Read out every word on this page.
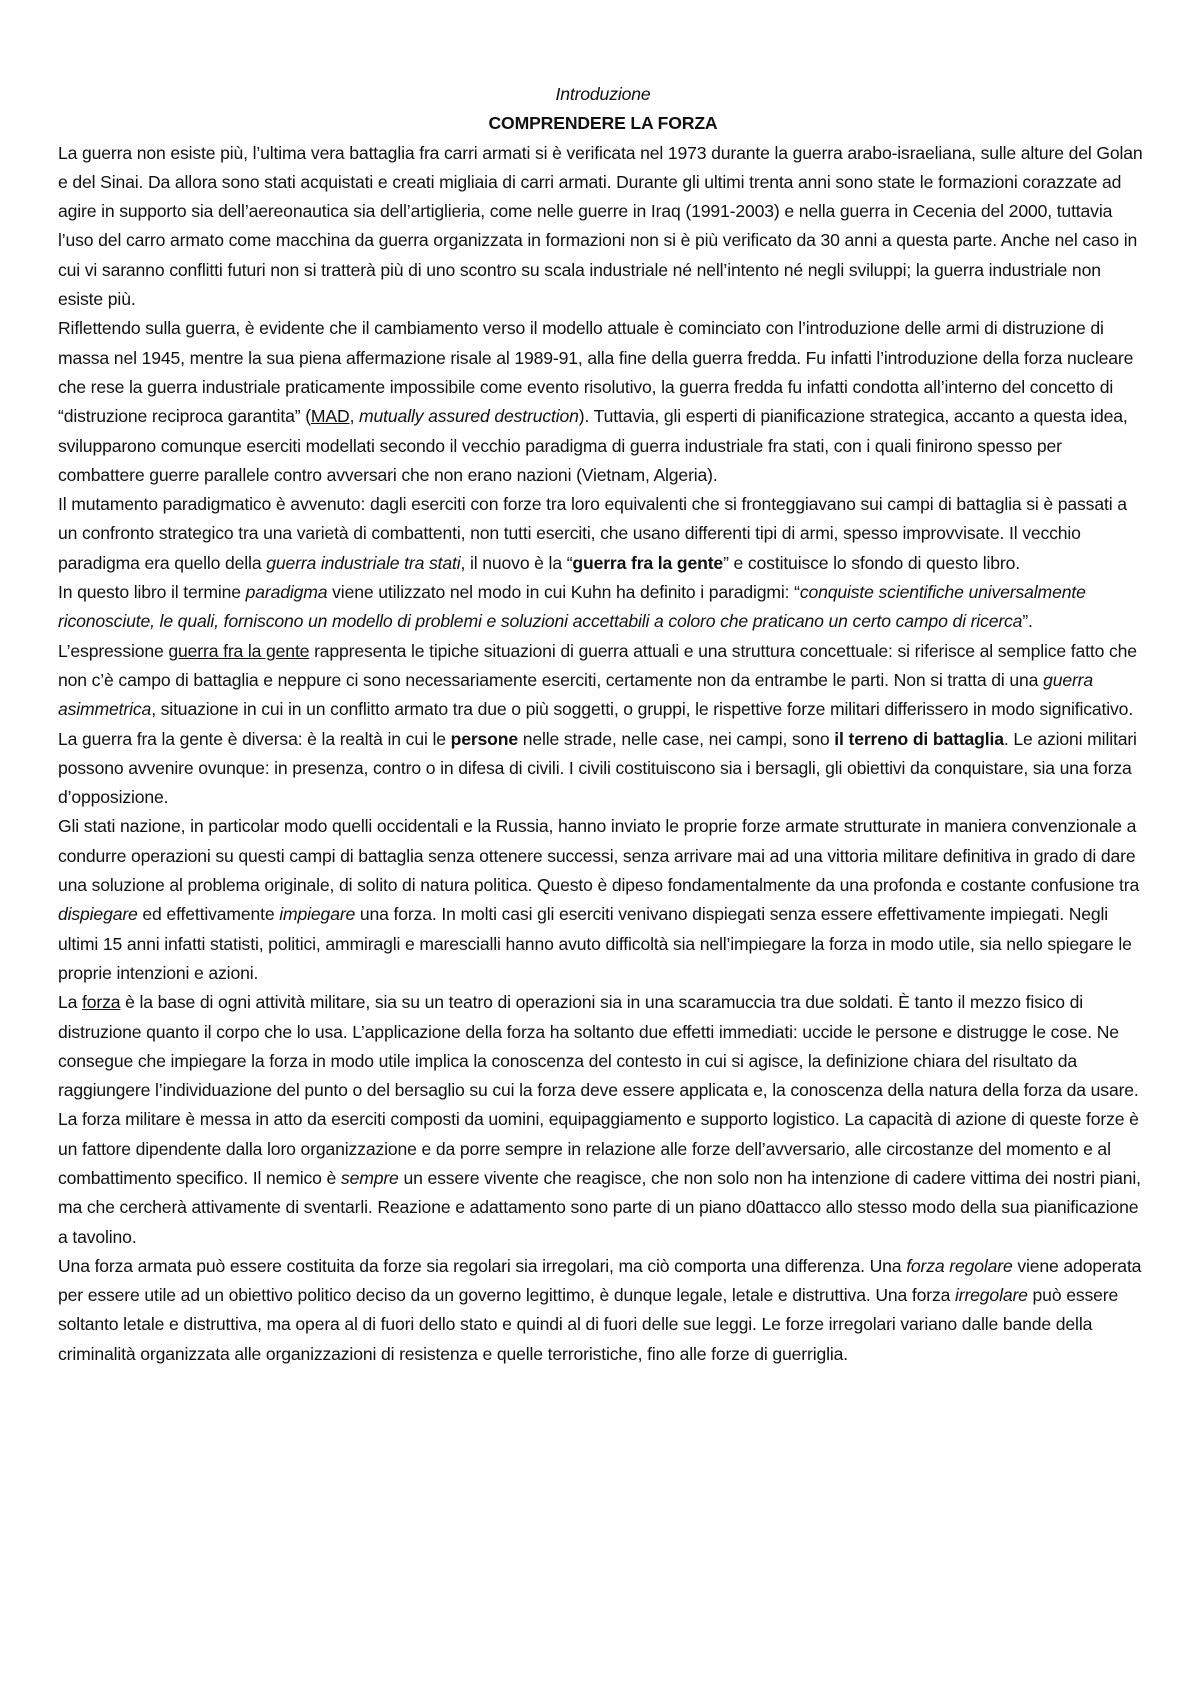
Introduzione

COMPRENDERE LA FORZA

La guerra non esiste più, l’ultima vera battaglia fra carri armati si è verificata nel 1973 durante la guerra arabo-israeliana, sulle alture del Golan e del Sinai. Da allora sono stati acquistati e creati migliaia di carri armati. Durante gli ultimi trenta anni sono state le formazioni corazzate ad agire in supporto sia dell’aereonautica sia dell’artiglieria, come nelle guerre in Iraq (1991-2003) e nella guerra in Cecenia del 2000, tuttavia l’uso del carro armato come macchina da guerra organizzata in formazioni non si è più verificato da 30 anni a questa parte. Anche nel caso in cui vi saranno conflitti futuri non si tratterà più di uno scontro su scala industriale né nell’intento né negli sviluppi; la guerra industriale non esiste più.

Riflettendo sulla guerra, è evidente che il cambiamento verso il modello attuale è cominciato con l’introduzione delle armi di distruzione di massa nel 1945, mentre la sua piena affermazione risale al 1989-91, alla fine della guerra fredda. Fu infatti l’introduzione della forza nucleare che rese la guerra industriale praticamente impossibile come evento risolutivo, la guerra fredda fu infatti condotta all’interno del concetto di “distruzione reciproca garantita” (MAD, mutually assured destruction). Tuttavia, gli esperti di pianificazione strategica, accanto a questa idea, svilupparono comunque eserciti modellati secondo il vecchio paradigma di guerra industriale fra stati, con i quali finirono spesso per combattere guerre parallele contro avversari che non erano nazioni (Vietnam, Algeria).

Il mutamento paradigmatico è avvenuto: dagli eserciti con forze tra loro equivalenti che si fronteggiavano sui campi di battaglia si è passati a un confronto strategico tra una varietà di combattenti, non tutti eserciti, che usano differenti tipi di armi, spesso improvvisate. Il vecchio paradigma era quello della guerra industriale tra stati, il nuovo è la “guerra fra la gente” e costituisce lo sfondo di questo libro.

In questo libro il termine paradigma viene utilizzato nel modo in cui Kuhn ha definito i paradigmi: “conquiste scientifiche universalmente riconosciute, le quali, forniscono un modello di problemi e soluzioni accettabili a coloro che praticano un certo campo di ricerca”.

L’espressione guerra fra la gente rappresenta le tipiche situazioni di guerra attuali e una struttura concettuale: si riferisce al semplice fatto che non c’è campo di battaglia e neppure ci sono necessariamente eserciti, certamente non da entrambe le parti. Non si tratta di una guerra asimmetrica, situazione in cui in un conflitto armato tra due o più soggetti, o gruppi, le rispettive forze militari differissero in modo significativo. La guerra fra la gente è diversa: è la realtà in cui le persone nelle strade, nelle case, nei campi, sono il terreno di battaglia. Le azioni militari possono avvenire ovunque: in presenza, contro o in difesa di civili. I civili costituiscono sia i bersagli, gli obiettivi da conquistare, sia una forza d’opposizione.

Gli stati nazione, in particolar modo quelli occidentali e la Russia, hanno inviato le proprie forze armate strutturate in maniera convenzionale a condurre operazioni su questi campi di battaglia senza ottenere successi, senza arrivare mai ad una vittoria militare definitiva in grado di dare una soluzione al problema originale, di solito di natura politica. Questo è dipeso fondamentalmente da una profonda e costante confusione tra dispiegare ed effettivamente impiegare una forza. In molti casi gli eserciti venivano dispiegati senza essere effettivamente impiegati. Negli ultimi 15 anni infatti statisti, politici, ammiragli e marescialli hanno avuto difficoltà sia nell’impiegare la forza in modo utile, sia nello spiegare le proprie intenzioni e azioni.

La forza è la base di ogni attività militare, sia su un teatro di operazioni sia in una scaramuccia tra due soldati. È tanto il mezzo fisico di distruzione quanto il corpo che lo usa. L’applicazione della forza ha soltanto due effetti immediati: uccide le persone e distrugge le cose. Ne consegue che impiegare la forza in modo utile implica la conoscenza del contesto in cui si agisce, la definizione chiara del risultato da raggiungere l’individuazione del punto o del bersaglio su cui la forza deve essere applicata e, la conoscenza della natura della forza da usare. La forza militare è messa in atto da eserciti composti da uomini, equipaggiamento e supporto logistico. La capacità di azione di queste forze è un fattore dipendente dalla loro organizzazione e da porre sempre in relazione alle forze dell’avversario, alle circostanze del momento e al combattimento specifico. Il nemico è sempre un essere vivente che reagisce, che non solo non ha intenzione di cadere vittima dei nostri piani, ma che cercherà attivamente di sventarli. Reazione e adattamento sono parte di un piano d0attacco allo stesso modo della sua pianificazione a tavolino.

Una forza armata può essere costituita da forze sia regolari sia irregolari, ma ciò comporta una differenza. Una forza regolare viene adoperata per essere utile ad un obiettivo politico deciso da un governo legittimo, è dunque legale, letale e distruttiva. Una forza irregolare può essere soltanto letale e distruttiva, ma opera al di fuori dello stato e quindi al di fuori delle sue leggi. Le forze irregolari variano dalle bande della criminalità organizzata alle organizzazioni di resistenza e quelle terroristiche, fino alle forze di guerriglia.
